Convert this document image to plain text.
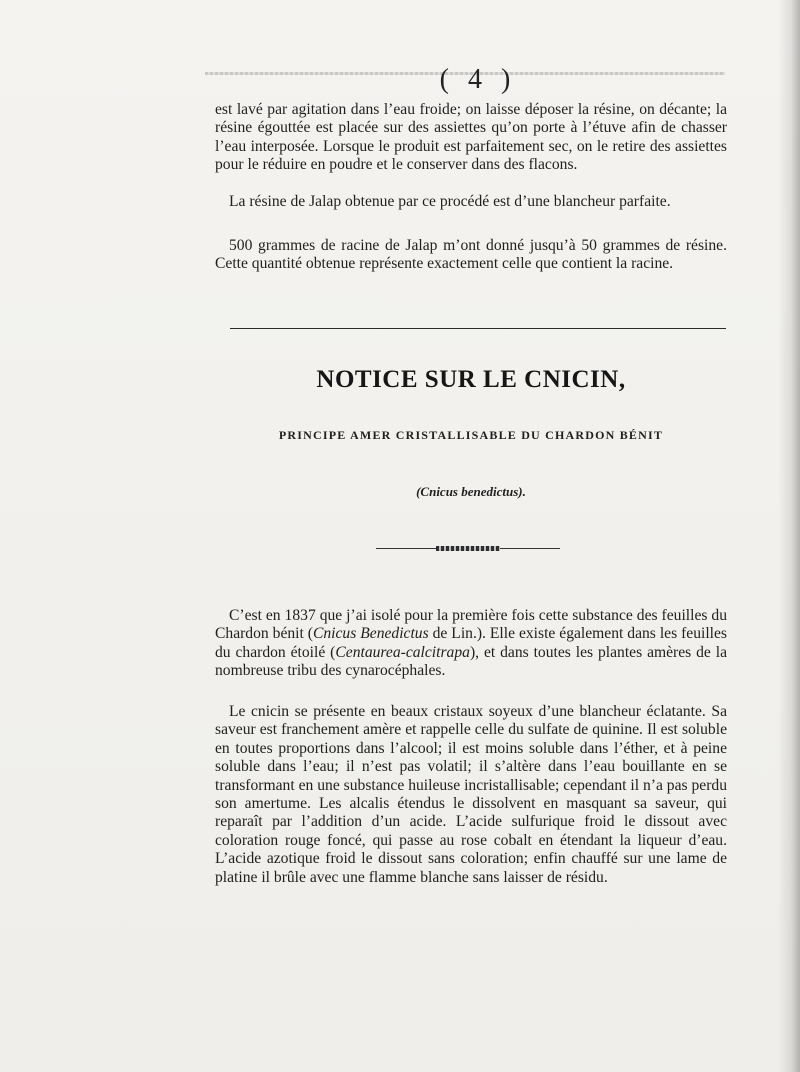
( 4 )

est lavé par agitation dans l’eau froide; on laisse déposer la résine, on décante; la résine égouttée est placée sur des assiettes qu’on porte à l’étuve afin de chasser l’eau interposée. Lorsque le produit est parfaitement sec, on le retire des assiettes pour le réduire en poudre et le conserver dans des flacons.

La résine de Jalap obtenue par ce procédé est d’une blancheur parfaite.

500 grammes de racine de Jalap m’ont donné jusqu’à 50 grammes de résine. Cette quantité obtenue représente exactement celle que contient la racine.

NOTICE SUR LE CNICIN,
PRINCIPE AMER CRISTALLISABLE DU CHARDON BÉNIT
(Cnicus benedictus).

C’est en 1837 que j’ai isolé pour la première fois cette substance des feuilles du Chardon bénit (Cnicus Benedictus de Lin.). Elle existe également dans les feuilles du chardon étoilé (Centaurea-calcitrapa), et dans toutes les plantes amères de la nombreuse tribu des cynarocéphales.

Le cnicin se présente en beaux cristaux soyeux d’une blancheur éclatante. Sa saveur est franchement amère et rappelle celle du sulfate de quinine. Il est soluble en toutes proportions dans l’alcool; il est moins soluble dans l’éther, et à peine soluble dans l’eau; il n’est pas volatil; il s’altère dans l’eau bouillante en se transformant en une substance huileuse incristallisable; cependant il n’a pas perdu son amertume. Les alcalis étendus le dissolvent en masquant sa saveur, qui reparaît par l’addition d’un acide. L’acide sulfurique froid le dissout avec coloration rouge foncé, qui passe au rose cobalt en étendant la liqueur d’eau. L’acide azotique froid le dissout sans coloration; enfin chauffé sur une lame de platine il brûle avec une flamme blanche sans laisser de résidu.
